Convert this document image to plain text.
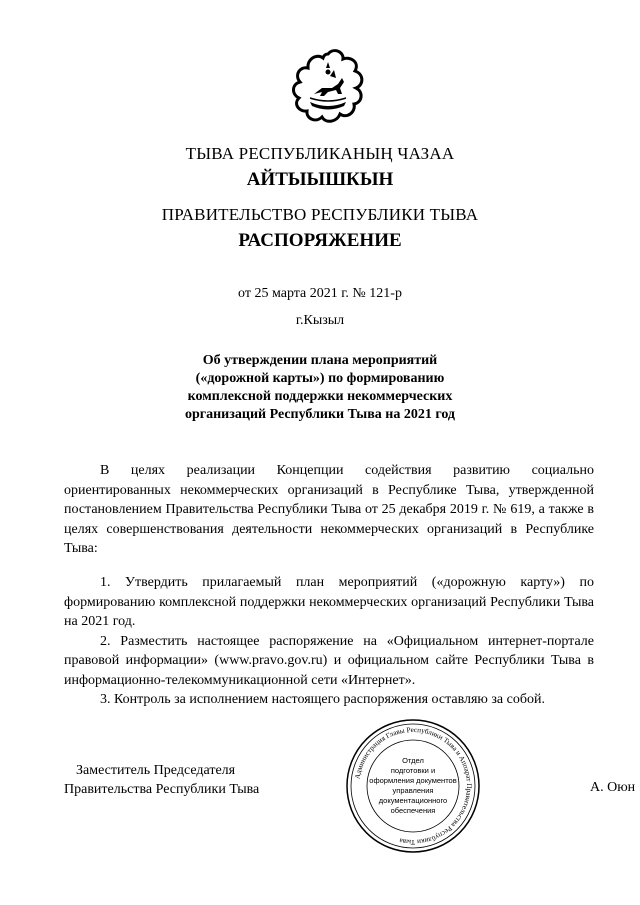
ТЫВА РЕСПУБЛИКАНЫҢ ЧАЗАА
АЙТЫЫШКЫН
ПРАВИТЕЛЬСТВО РЕСПУБЛИКИ ТЫВА
РАСПОРЯЖЕНИЕ
от 25 марта 2021 г. № 121-р
г.Кызыл
Об утверждении плана мероприятий
(«дорожной карты») по формированию
комплексной поддержки некоммерческих
организаций Республики Тыва на 2021 год

В целях реализации Концепции содействия развитию социально ориентированных некоммерческих организаций в Республике Тыва, утвержденной постановлением Правительства Республики Тыва от 25 декабря 2019 г. № 619, а также в целях совершенствования деятельности некоммерческих организаций в Республике Тыва:

1. Утвердить прилагаемый план мероприятий («дорожную карту») по формированию комплексной поддержки некоммерческих организаций Республики Тыва на 2021 год.

2. Разместить настоящее распоряжение на «Официальном интернет-портале правовой информации» (www.pravo.gov.ru) и официальном сайте Республики Тыва в информационно-телекоммуникационной сети «Интернет».

3. Контроль за исполнением настоящего распоряжения оставляю за собой.

Заместитель Председателя
Правительства Республики Тыва	А. Оюн
Администрация Главы Республики Тыва и Аппарат Правительства Республики Тыва
Отдел
подготовки и
оформления документов
управления
документационного
обеспечения
